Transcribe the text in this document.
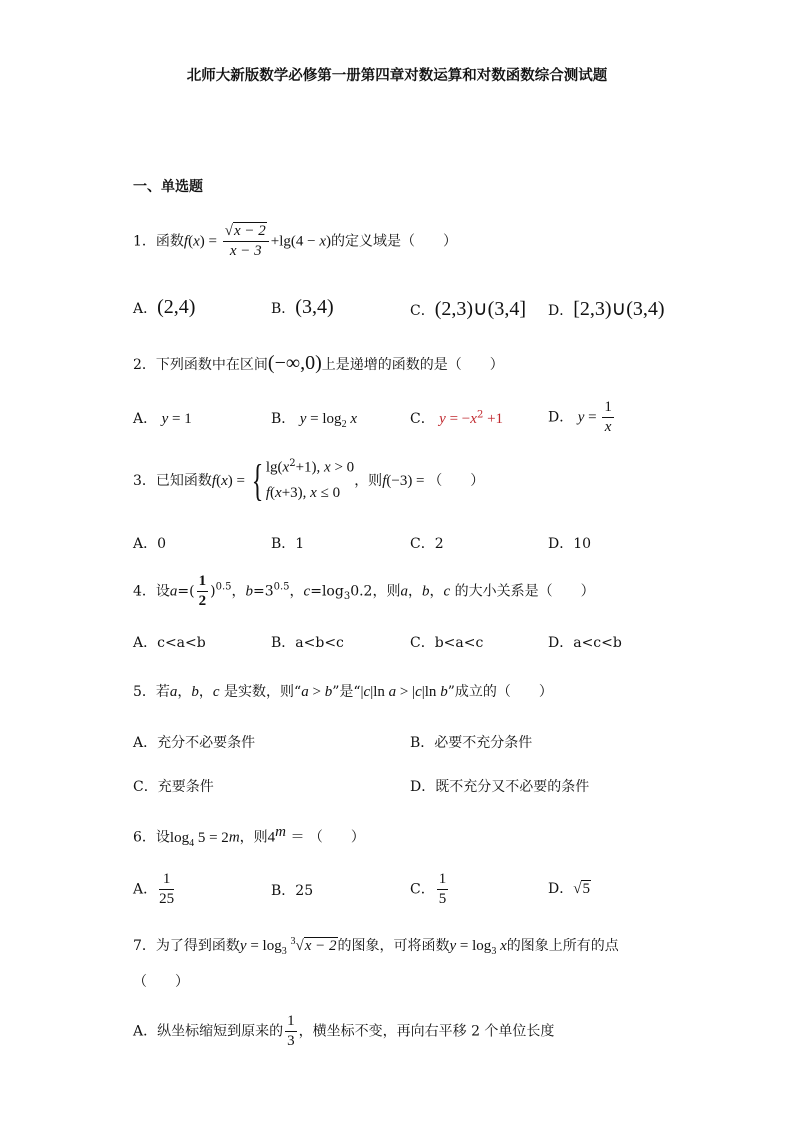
北师大新版数学必修第一册第四章对数运算和对数函数综合测试题
一、单选题
1．函数$f(x) = \frac{√x - 2}{x - 3} +\lg(4 - x)$的定义域是（　　）
A．(2,4)	B．(3,4)	C．(2,3)∪(3,4] D．[2,3)∪(3,4)
2．下列函数中在区间(−∞,0)上是递增的函数的是（　　）
A． y = 1	B． $y = \log_2 x$	C． $y = -x^2 +1$	D． $y = \frac{1}{x}$
3．已知函数f(x) = { $\lg(x^2+1)$, x > 0
f(x+3), x ≤ 0
，则f(−3) = （　　）
A．0	B．1	C．2	D．10
4．设$a=( \frac{1}{2} )^{0.5}$，$b=3^{0.5}$，$c=\log_30.2$，则a，b，c 的大小关系是（　　）
A．c<a<b	B．a<b<c	C．b<a<c	D．a<c<b
5．若a，b，c 是实数，则“a > b”是“|c|ln a > |c|ln b”成立的（　　）
A．充分不必要条件	B．必要不充分条件
C．充要条件	D．既不充分又不必要的条件
6．设$\log_4 5 = 2m$，则$4^m$ ＝ （　　）
A． $\frac{1}{25}$	B．25	C． $\frac{1}{5}$	D．√5
7．为了得到函数$y = \log_3 ^3√x - 2$的图象，可将函数$y = \log_3 x$的图象上所有的点
（　　）
A．纵坐标缩短到原来的 $\frac{1}{3}$ ，横坐标不变，再向右平移 2 个单位长度
